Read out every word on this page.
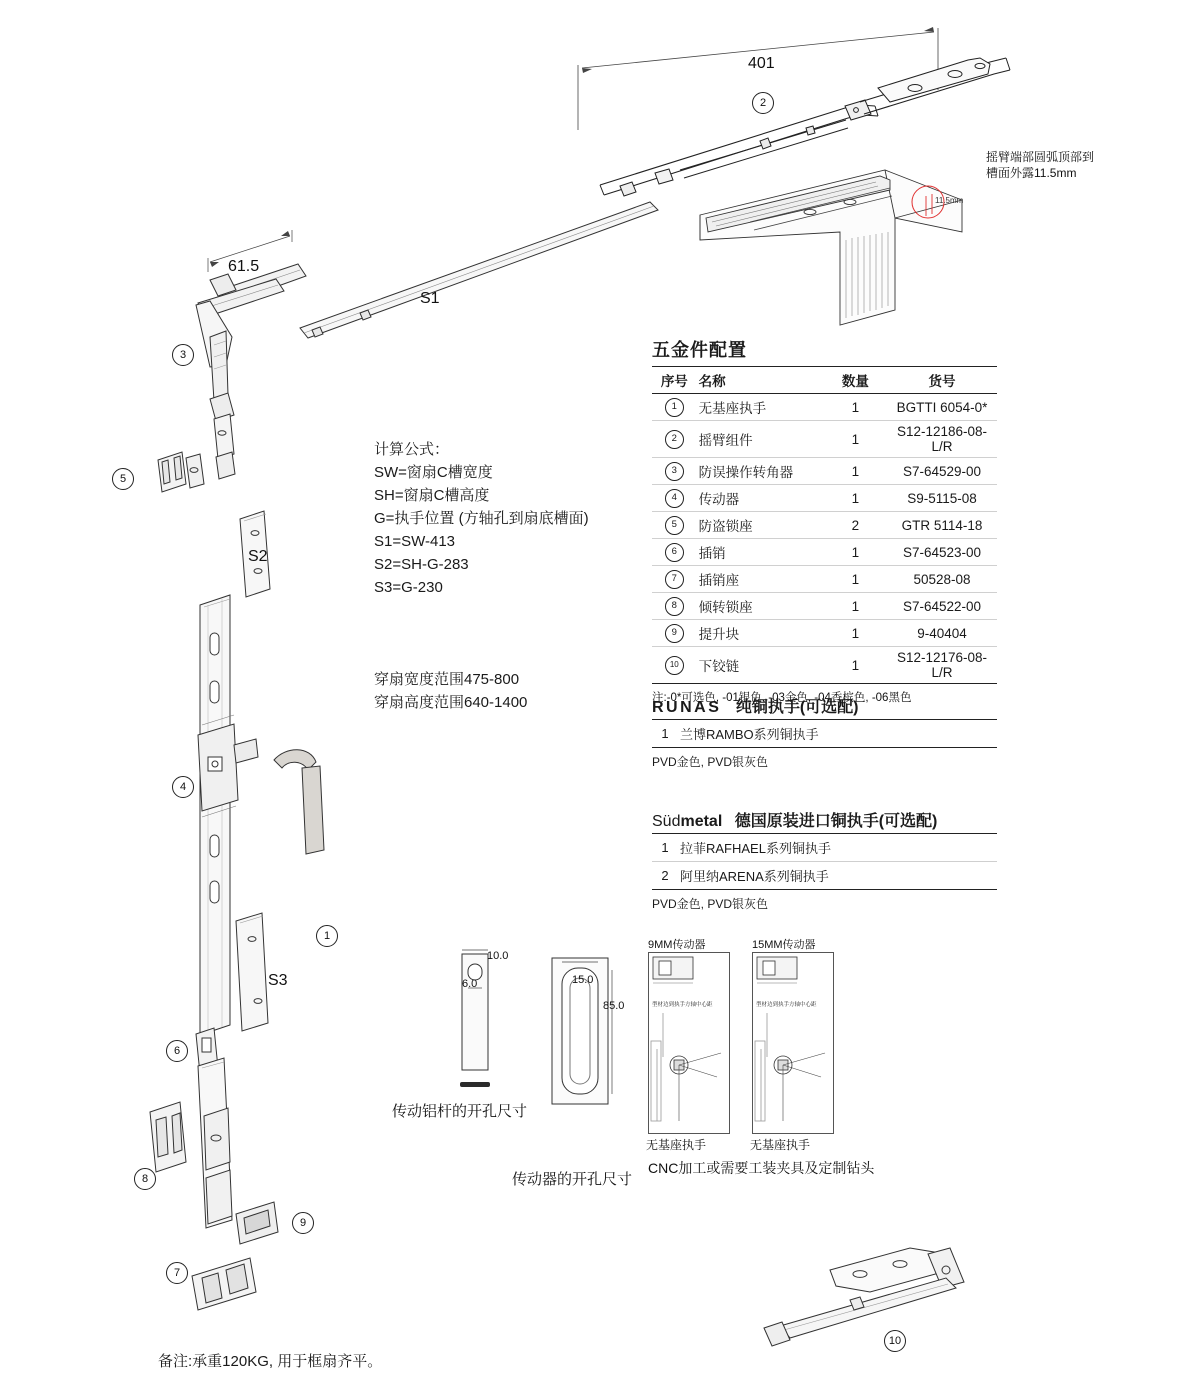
401
2
11.5mm
摇臂端部圆弧顶部到
槽面外露11.5mm
61.5
S1
3
5
S2
4
1
S3
6
8
9
7
10
计算公式：
SW=窗扇C槽宽度
SH=窗扇C槽高度
G=执手位置 (方轴孔到扇底槽面)
S1=SW-413
S2=SH-G-283
S3=G-230
穿扇宽度范围475-800
穿扇高度范围640-1400
五金件配置
序号	名称	数量	货号
1	无基座执手	1	BGTTI 6054-0*
2	摇臂组件	1	S12-12186-08-L/R
3	防误操作转角器	1	S7-64529-00
4	传动器	1	S9-5115-08
5	防盗锁座	2	GTR 5114-18
6	插销	1	S7-64523-00
7	插销座	1	50528-08
8	倾转锁座	1	S7-64522-00
9	提升块	1	9-40404
10	下铰链	1	S12-12176-08-L/R
注:-0*可选色, -01银色, -03金色, -04香槟色, -06黑色
RUNAS 纯铜执手(可选配)
1	兰博RAMBO系列铜执手
PVD金色, PVD银灰色
Südmetal 德国原装进口铜执手(可选配)
1	拉菲RAFHAEL系列铜执手
2	阿里纳ARENA系列铜执手
PVD金色, PVD银灰色
10.0
6.0
传动铝杆的开孔尺寸
15.0
85.0
传动器的开孔尺寸
9MM传动器
型材边到执手方轴中心距
无基座执手
15MM传动器
型材边到执手方轴中心距
无基座执手
CNC加工或需要工装夹具及定制钻头
备注:承重120KG, 用于框扇齐平。
